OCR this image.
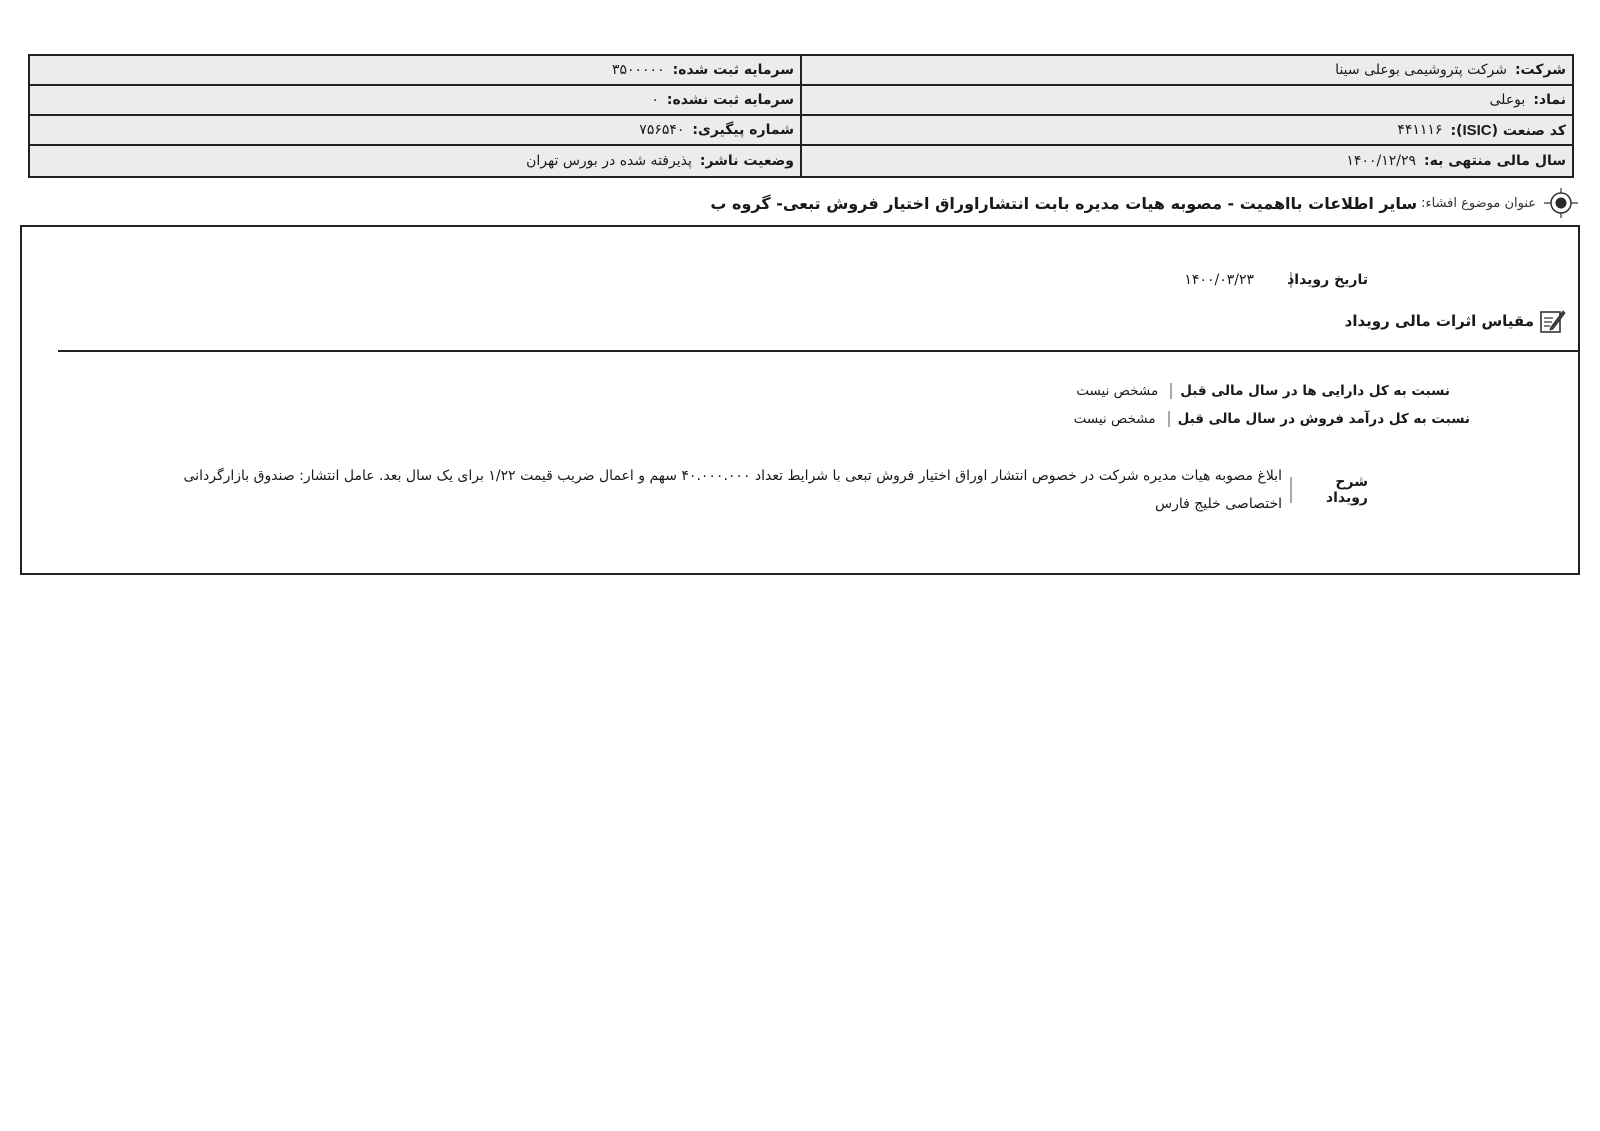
شرکت:
شرکت پتروشیمی بوعلی سینا
سرمایه ثبت شده:
۳۵۰۰۰۰۰
نماد:
بوعلی
سرمایه ثبت نشده:
۰
کد صنعت (ISIC):
۴۴۱۱۱۶
شماره پیگیری:
۷۵۶۵۴۰
سال مالی منتهی به:
۱۴۰۰/۱۲/۲۹
وضعیت ناشر:
پذیرفته شده در بورس تهران
عنوان موضوع افشاء:
سایر اطلاعات بااهمیت - مصوبه هیات مدیره بابت انتشاراوراق اختیار فروش تبعی- گروه ب
تاریخ رویداد
۱۴۰۰/۰۳/۲۳
مقیاس اثرات مالی رویداد
نسبت به کل دارایی ها در سال مالی قبل
مشخص نیست
نسبت به کل درآمد فروش در سال مالی قبل
مشخص نیست
شرح رویداد
ابلاغ مصوبه هیات مدیره شرکت در خصوص انتشار اوراق اختیار فروش تبعی با شرایط تعداد ۴۰.۰۰۰.۰۰۰ سهم و اعمال ضریب قیمت ۱/۲۲ برای یک سال بعد. عامل انتشار: صندوق بازارگردانی اختصاصی خلیج فارس
